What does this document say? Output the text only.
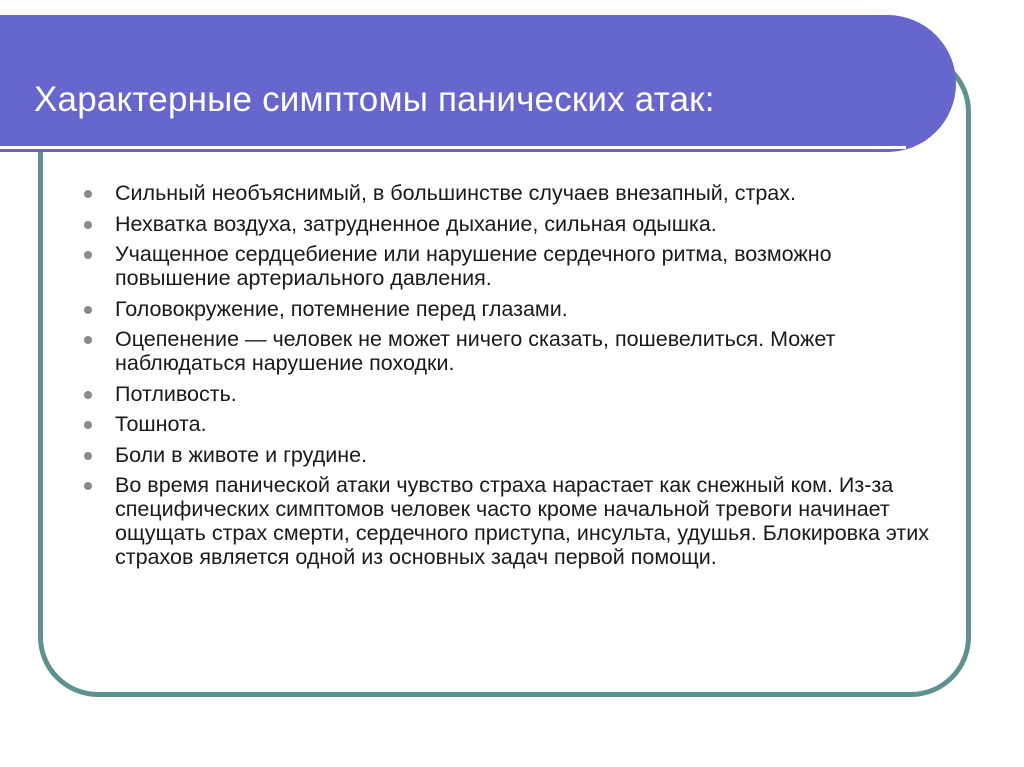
Характерные симптомы панических атак:
Сильный необъяснимый, в большинстве случаев внезапный, страх.
Нехватка воздуха, затрудненное дыхание, сильная одышка.
Учащенное сердцебиение или нарушение сердечного ритма, возможно повышение артериального давления.
Головокружение, потемнение перед глазами.
Оцепенение — человек не может ничего сказать, пошевелиться. Может наблюдаться нарушение походки.
Потливость.
Тошнота.
Боли в животе и грудине.
Во время панической атаки чувство страха нарастает как снежный ком. Из-за специфических симптомов человек часто кроме начальной тревоги начинает ощущать страх смерти, сердечного приступа, инсульта, удушья. Блокировка этих страхов является одной из основных задач первой помощи.
